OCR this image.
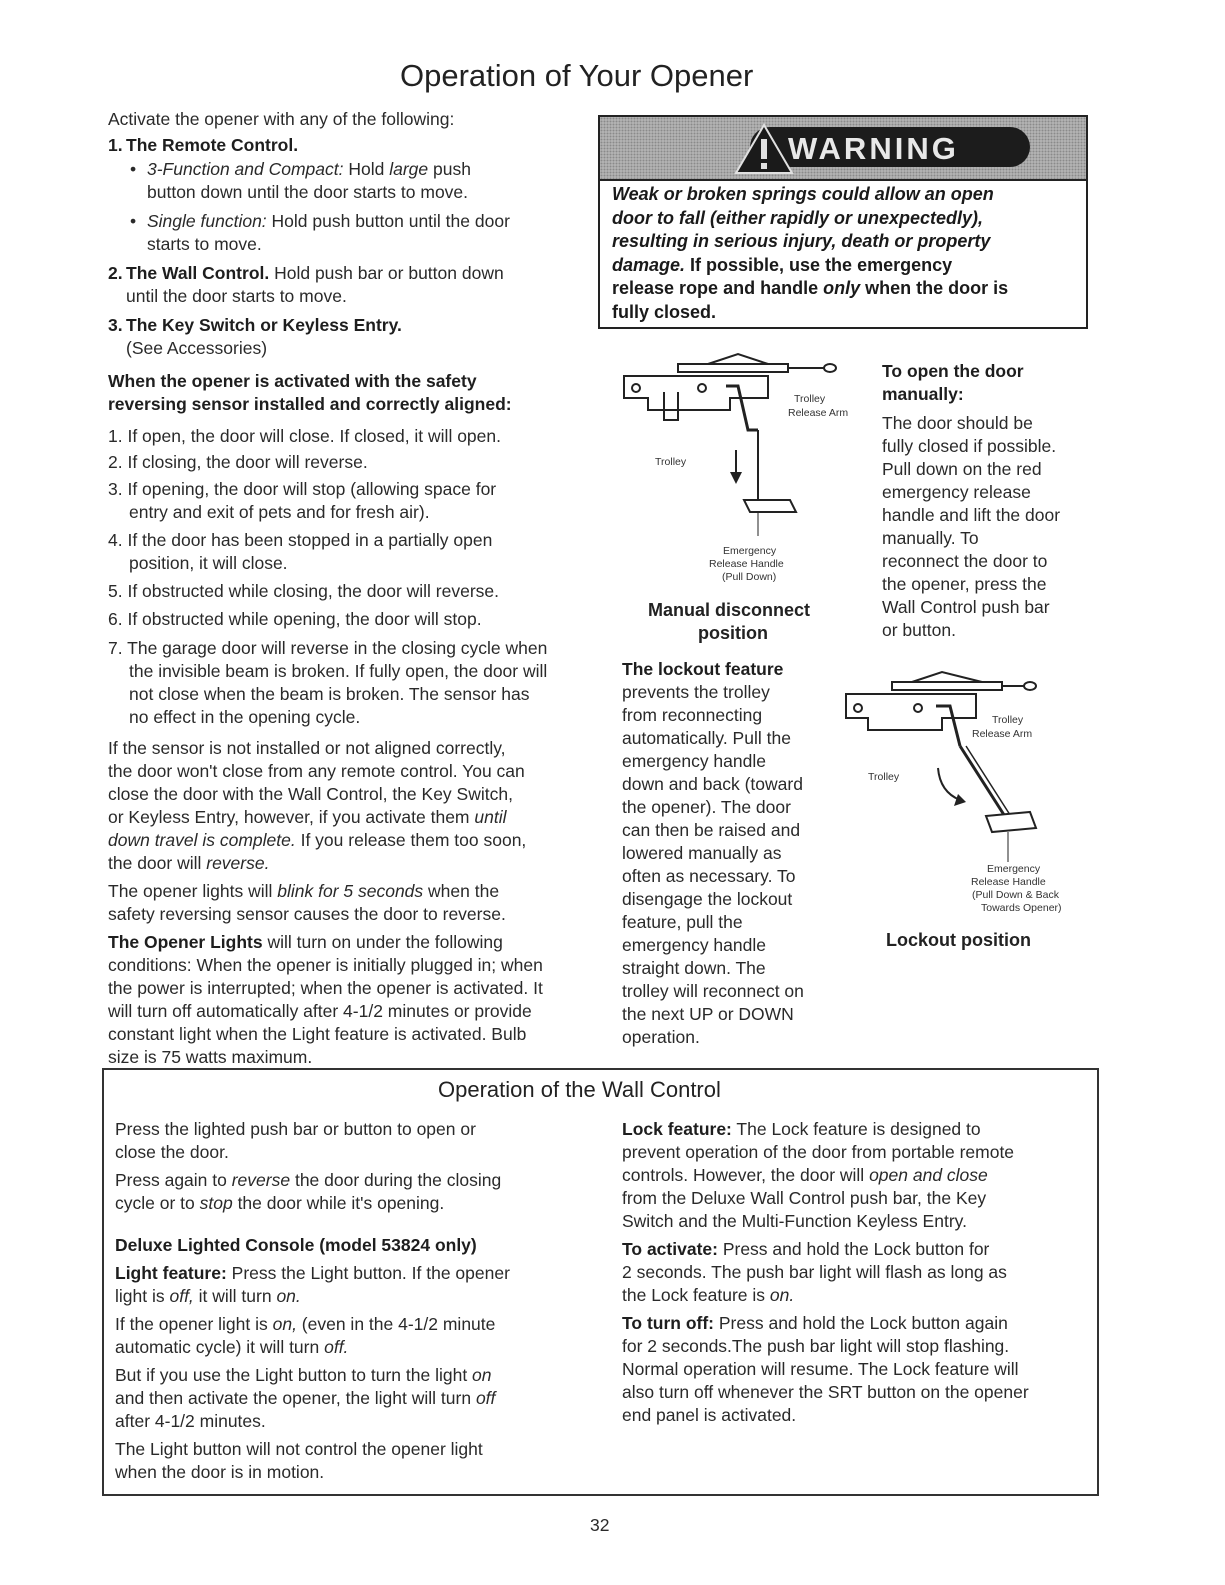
Operation of Your Opener
Activate the opener with any of the following:
1. The Remote Control.
• 3-Function and Compact: Hold large push
button down until the door starts to move.
• Single function: Hold push button until the door
starts to move.
2. The Wall Control. Hold push bar or button down
until the door starts to move.
3. The Key Switch or Keyless Entry.
(See Accessories)
When the opener is activated with the safety
reversing sensor installed and correctly aligned:
1. If open, the door will close. If closed, it will open.
2. If closing, the door will reverse.
3. If opening, the door will stop (allowing space for
entry and exit of pets and for fresh air).
4. If the door has been stopped in a partially open
position, it will close.
5. If obstructed while closing, the door will reverse.
6. If obstructed while opening, the door will stop.
7. The garage door will reverse in the closing cycle when
the invisible beam is broken. If fully open, the door will
not close when the beam is broken. The sensor has
no effect in the opening cycle.
If the sensor is not installed or not aligned correctly,
the door won't close from any remote control. You can
close the door with the Wall Control, the Key Switch,
or Keyless Entry, however, if you activate them until
down travel is complete. If you release them too soon,
the door will reverse.
The opener lights will blink for 5 seconds when the
safety reversing sensor causes the door to reverse.
The Opener Lights will turn on under the following
conditions: When the opener is initially plugged in; when
the power is interrupted; when the opener is activated. It
will turn off automatically after 4-1/2 minutes or provide
constant light when the Light feature is activated. Bulb
size is 75 watts maximum.
WARNING
Weak or broken springs could allow an open
door to fall (either rapidly or unexpectedly),
resulting in serious injury, death or property
damage. If possible, use the emergency
release rope and handle only when the door is
fully closed.
Trolley
Release Arm
Trolley
Emergency
Release Handle
(Pull Down)
Manual disconnect
position
To open the door
manually:
The door should be
fully closed if possible.
Pull down on the red
emergency release
handle and lift the door
manually. To
reconnect the door to
the opener, press the
Wall Control push bar
or button.
The lockout feature
prevents the trolley
from reconnecting
automatically. Pull the
emergency handle
down and back (toward
the opener). The door
can then be raised and
lowered manually as
often as necessary. To
disengage the lockout
feature, pull the
emergency handle
straight down. The
trolley will reconnect on
the next UP or DOWN
operation.
Trolley
Release Arm
Trolley
Emergency
Release Handle
(Pull Down & Back
Towards Opener)
Lockout position
Operation of the Wall Control
Press the lighted push bar or button to open or
close the door.
Press again to reverse the door during the closing
cycle or to stop the door while it's opening.
Deluxe Lighted Console (model 53824 only)
Light feature: Press the Light button. If the opener
light is off, it will turn on.
If the opener light is on, (even in the 4-1/2 minute
automatic cycle) it will turn off.
But if you use the Light button to turn the light on
and then activate the opener, the light will turn off
after 4-1/2 minutes.
The Light button will not control the opener light
when the door is in motion.
Lock feature: The Lock feature is designed to
prevent operation of the door from portable remote
controls. However, the door will open and close
from the Deluxe Wall Control push bar, the Key
Switch and the Multi-Function Keyless Entry.
To activate: Press and hold the Lock button for
2 seconds. The push bar light will flash as long as
the Lock feature is on.
To turn off: Press and hold the Lock button again
for 2 seconds.The push bar light will stop flashing.
Normal operation will resume. The Lock feature will
also turn off whenever the SRT button on the opener
end panel is activated.
32
